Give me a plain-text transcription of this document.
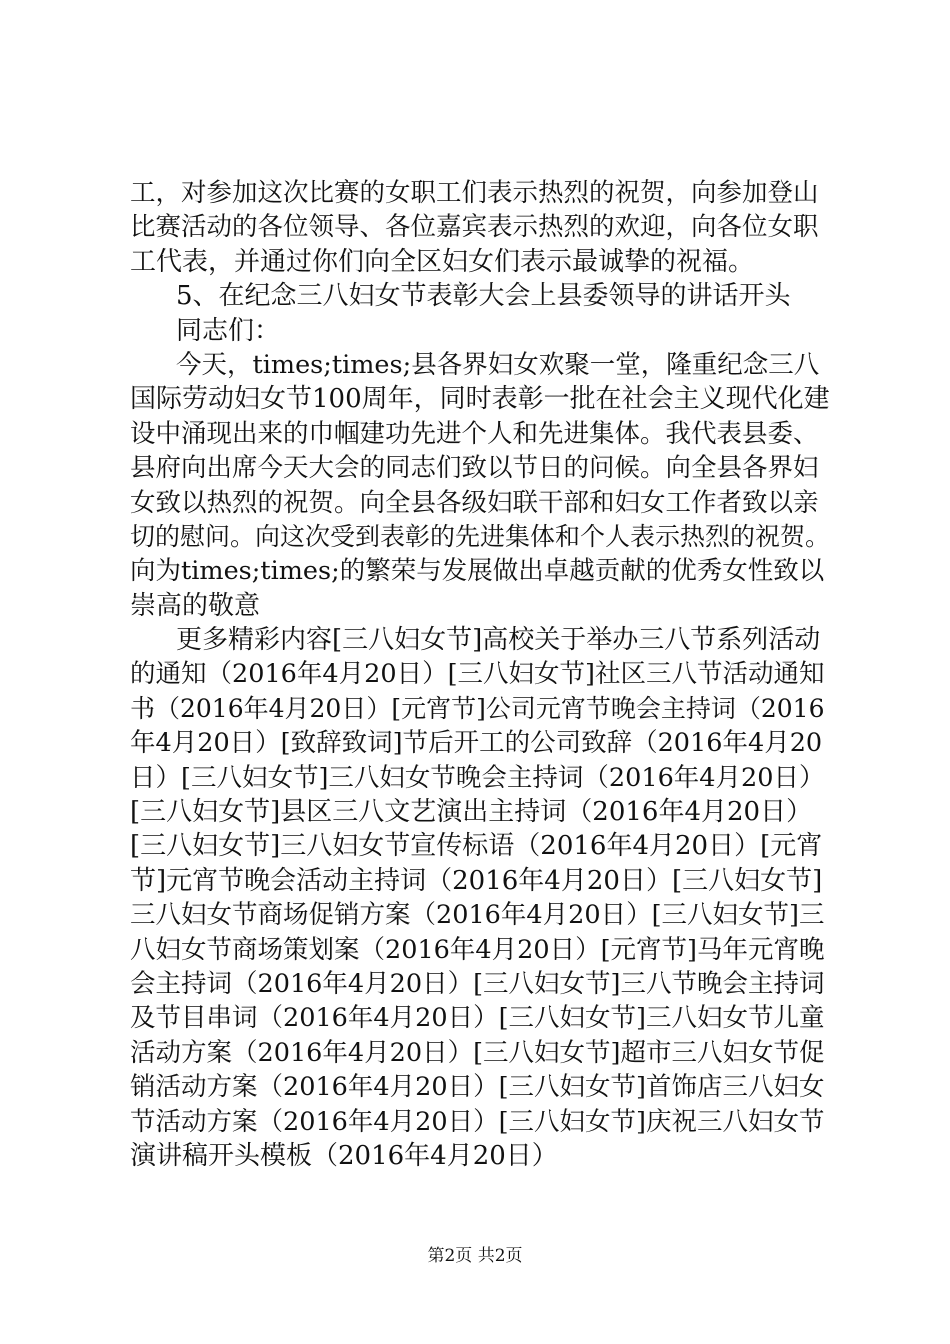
工，对参加这次比赛的女职工们表示热烈的祝贺，向参加登山
比赛活动的各位领导、各位嘉宾表示热烈的欢迎，向各位女职
工代表，并通过你们向全区妇女们表示最诚挚的祝福。
5、在纪念三八妇女节表彰大会上县委领导的讲话开头
同志们：
今天，times;times;县各界妇女欢聚一堂，隆重纪念三八
国际劳动妇女节100周年，同时表彰一批在社会主义现代化建
设中涌现出来的巾帼建功先进个人和先进集体。我代表县委、
县府向出席今天大会的同志们致以节日的问候。向全县各界妇
女致以热烈的祝贺。向全县各级妇联干部和妇女工作者致以亲
切的慰问。向这次受到表彰的先进集体和个人表示热烈的祝贺。
向为times;times;的繁荣与发展做出卓越贡献的优秀女性致以
崇高的敬意
更多精彩内容[三八妇女节]高校关于举办三八节系列活动
的通知（2016年4月20日）[三八妇女节]社区三八节活动通知
书（2016年4月20日）[元宵节]公司元宵节晚会主持词（2016
年4月20日）[致辞致词]节后开工的公司致辞（2016年4月20
日）[三八妇女节]三八妇女节晚会主持词（2016年4月20日）
[三八妇女节]县区三八文艺演出主持词（2016年4月20日）
[三八妇女节]三八妇女节宣传标语（2016年4月20日）[元宵
节]元宵节晚会活动主持词（2016年4月20日）[三八妇女节]
三八妇女节商场促销方案（2016年4月20日）[三八妇女节]三
八妇女节商场策划案（2016年4月20日）[元宵节]马年元宵晚
会主持词（2016年4月20日）[三八妇女节]三八节晚会主持词
及节目串词（2016年4月20日）[三八妇女节]三八妇女节儿童
活动方案（2016年4月20日）[三八妇女节]超市三八妇女节促
销活动方案（2016年4月20日）[三八妇女节]首饰店三八妇女
节活动方案（2016年4月20日）[三八妇女节]庆祝三八妇女节
演讲稿开头模板（2016年4月20日）
第2页 共2页
